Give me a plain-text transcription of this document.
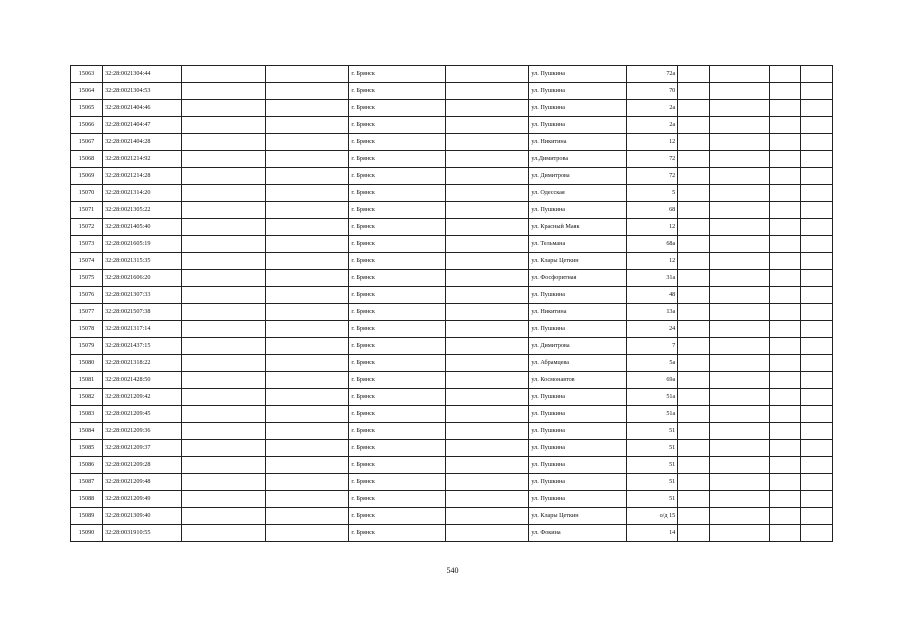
15063	32:28:0021304:44			г. Брянск		ул. Пушкина	72а				
15064	32:28:0021304:53			г. Брянск		ул. Пушкина	70				
15065	32:28:0021404:46			г. Брянск		ул. Пушкина	2а				
15066	32:28:0021404:47			г. Брянск		ул. Пушкина	2а				
15067	32:28:0021404:28			г. Брянск		ул. Никитина	12				
15068	32:28:0021214:92			г. Брянск		ул.Димитрова	72				
15069	32:28:0021214:28			г. Брянск		ул. Димитрова	72				
15070	32:28:0021314:20			г. Брянск		ул. Одесская	5				
15071	32:28:0021305:22			г. Брянск		ул. Пушкина	68				
15072	32:28:0021405:40			г. Брянск		ул. Красный Маяк	12				
15073	32:28:0021605:19			г. Брянск		ул. Тельмана	68а				
15074	32:28:0021315:35			г. Брянск		ул. Клары Цеткин	12				
15075	32:28:0021606:20			г. Брянск		ул. Фосфоритная	31а				
15076	32:28:0021307:33			г. Брянск		ул. Пушкина	48				
15077	32:28:0021507:38			г. Брянск		ул. Никитина	13а				
15078	32:28:0021317:14			г. Брянск		ул. Пушкина	24				
15079	32:28:0021437:15			г. Брянск		ул. Димитрова	7				
15080	32:28:0021318:22			г. Брянск		ул. Абрамцева	5а				
15081	32:28:0021428:50			г. Брянск		ул. Космонавтов	69а				
15082	32:28:0021209:42			г. Брянск		ул. Пушкина	51а				
15083	32:28:0021209:45			г. Брянск		ул. Пушкина	51а				
15084	32:28:0021209:36			г. Брянск		ул. Пушкина	51				
15085	32:28:0021209:37			г. Брянск		ул. Пушкина	51				
15086	32:28:0021209:28			г. Брянск		ул. Пушкина	51				
15087	32:28:0021209:48			г. Брянск		ул. Пушкина	51				
15088	32:28:0021209:49			г. Брянск		ул. Пушкина	51				
15089	32:28:0021309:40			г. Брянск		ул. Клары Цеткин	о/д 15				
15090	32:28:0031910:55			г. Брянск		ул. Фокина	14				
540
